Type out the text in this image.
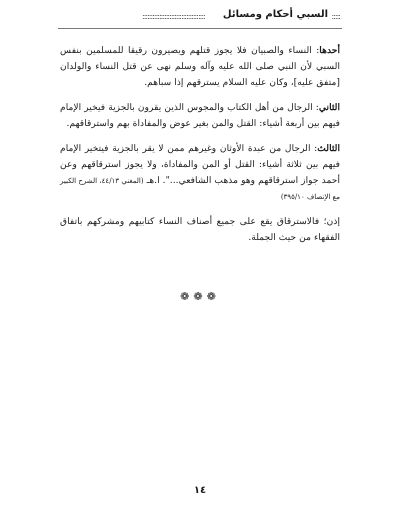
:::::
السبي أحكام ومسائل
:::::::::::::::::::::::::::::::::::::

أحدها: النساء والصبيان فلا يجوز قتلهم ويصيرون رقيقا للمسلمين بنفس السبي لأن النبي صلى الله عليه وآله وسلم نهى عن قتل النساء والولدان [متفق عليه]، وكان عليه السلام يسترقهم إذا سباهم.

الثاني: الرجال من أهل الكتاب والمجوس الذين يقرون بالجزية فيخير الإمام فيهم بين أربعة أشياء: القتل والمن بغير عوض والمفاداة بهم واسترقاقهم.

الثالث: الرجال من عبدة الأوثان وغيرهم ممن لا يقر بالجزية فيتخير الإمام فيهم بين ثلاثة أشياء: القتل أو المن والمفاداة، ولا يجوز استرقاقهم وعن أحمد جواز استرقاقهم وهو مذهب الشافعي...". ا.هـ (المغني ٤٤/١٣، الشرح الكبير مع الإنصاف ٣٩٥/١٠)

إذن؛ فالاسترقاق يقع على جميع أصناف النساء كتابيهم ومشركهم باتفاق الفقهاء من حيث الجملة.

❁❁❁
١٤
